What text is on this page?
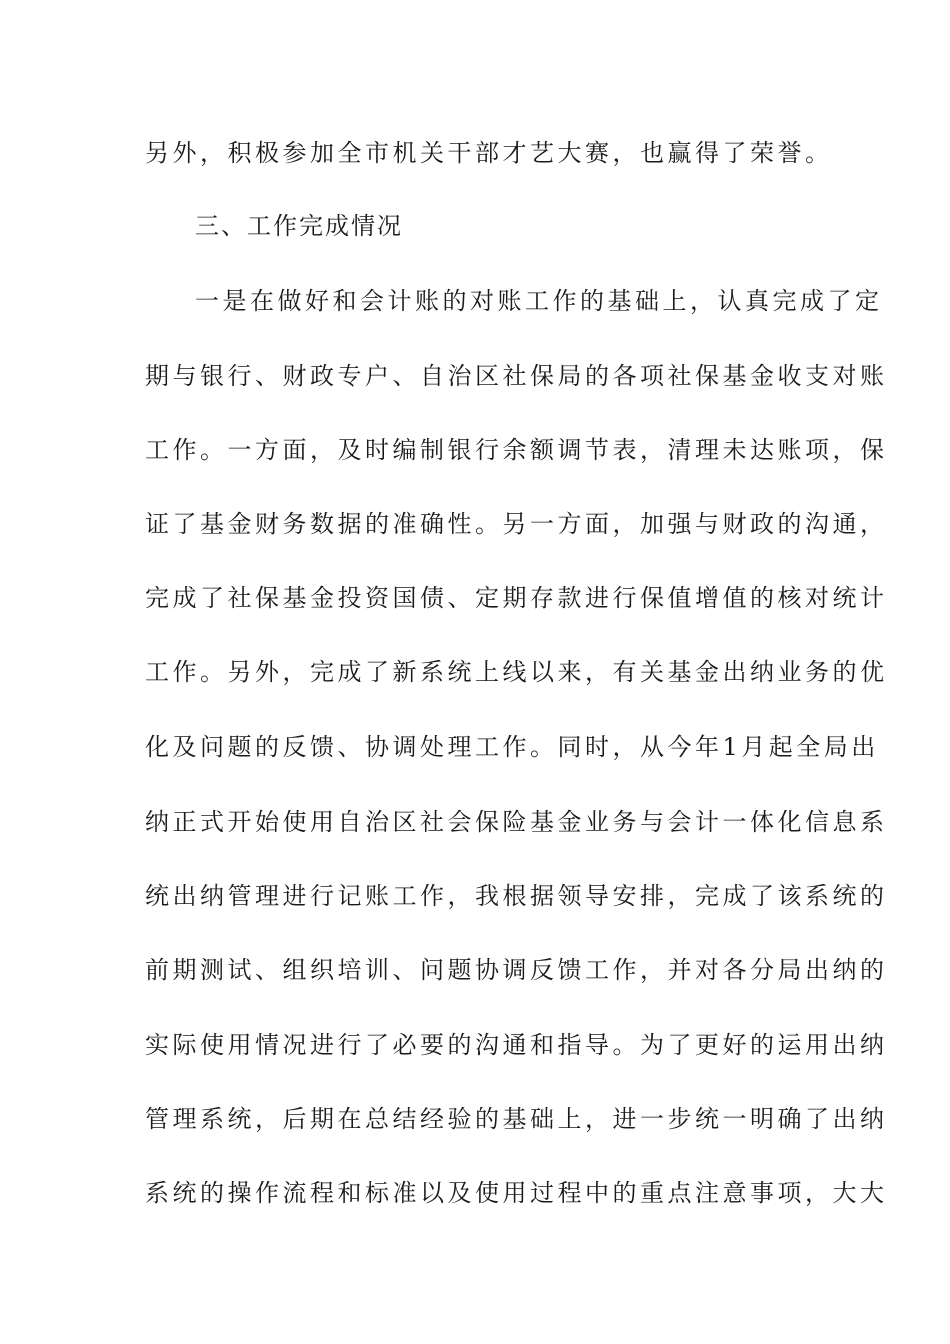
另外，积极参加全市机关干部才艺大赛，也赢得了荣誉。
三、工作完成情况
一是在做好和会计账的对账工作的基础上，认真完成了定
期与银行、财政专户、自治区社保局的各项社保基金收支对账
工作。一方面，及时编制银行余额调节表，清理未达账项，保
证了基金财务数据的准确性。另一方面，加强与财政的沟通，
完成了社保基金投资国债、定期存款进行保值增值的核对统计
工作。另外，完成了新系统上线以来，有关基金出纳业务的优
化及问题的反馈、协调处理工作。同时，从今年1月起全局出
纳正式开始使用自治区社会保险基金业务与会计一体化信息系
统出纳管理进行记账工作，我根据领导安排，完成了该系统的
前期测试、组织培训、问题协调反馈工作，并对各分局出纳的
实际使用情况进行了必要的沟通和指导。为了更好的运用出纳
管理系统，后期在总结经验的基础上，进一步统一明确了出纳
系统的操作流程和标准以及使用过程中的重点注意事项，大大
